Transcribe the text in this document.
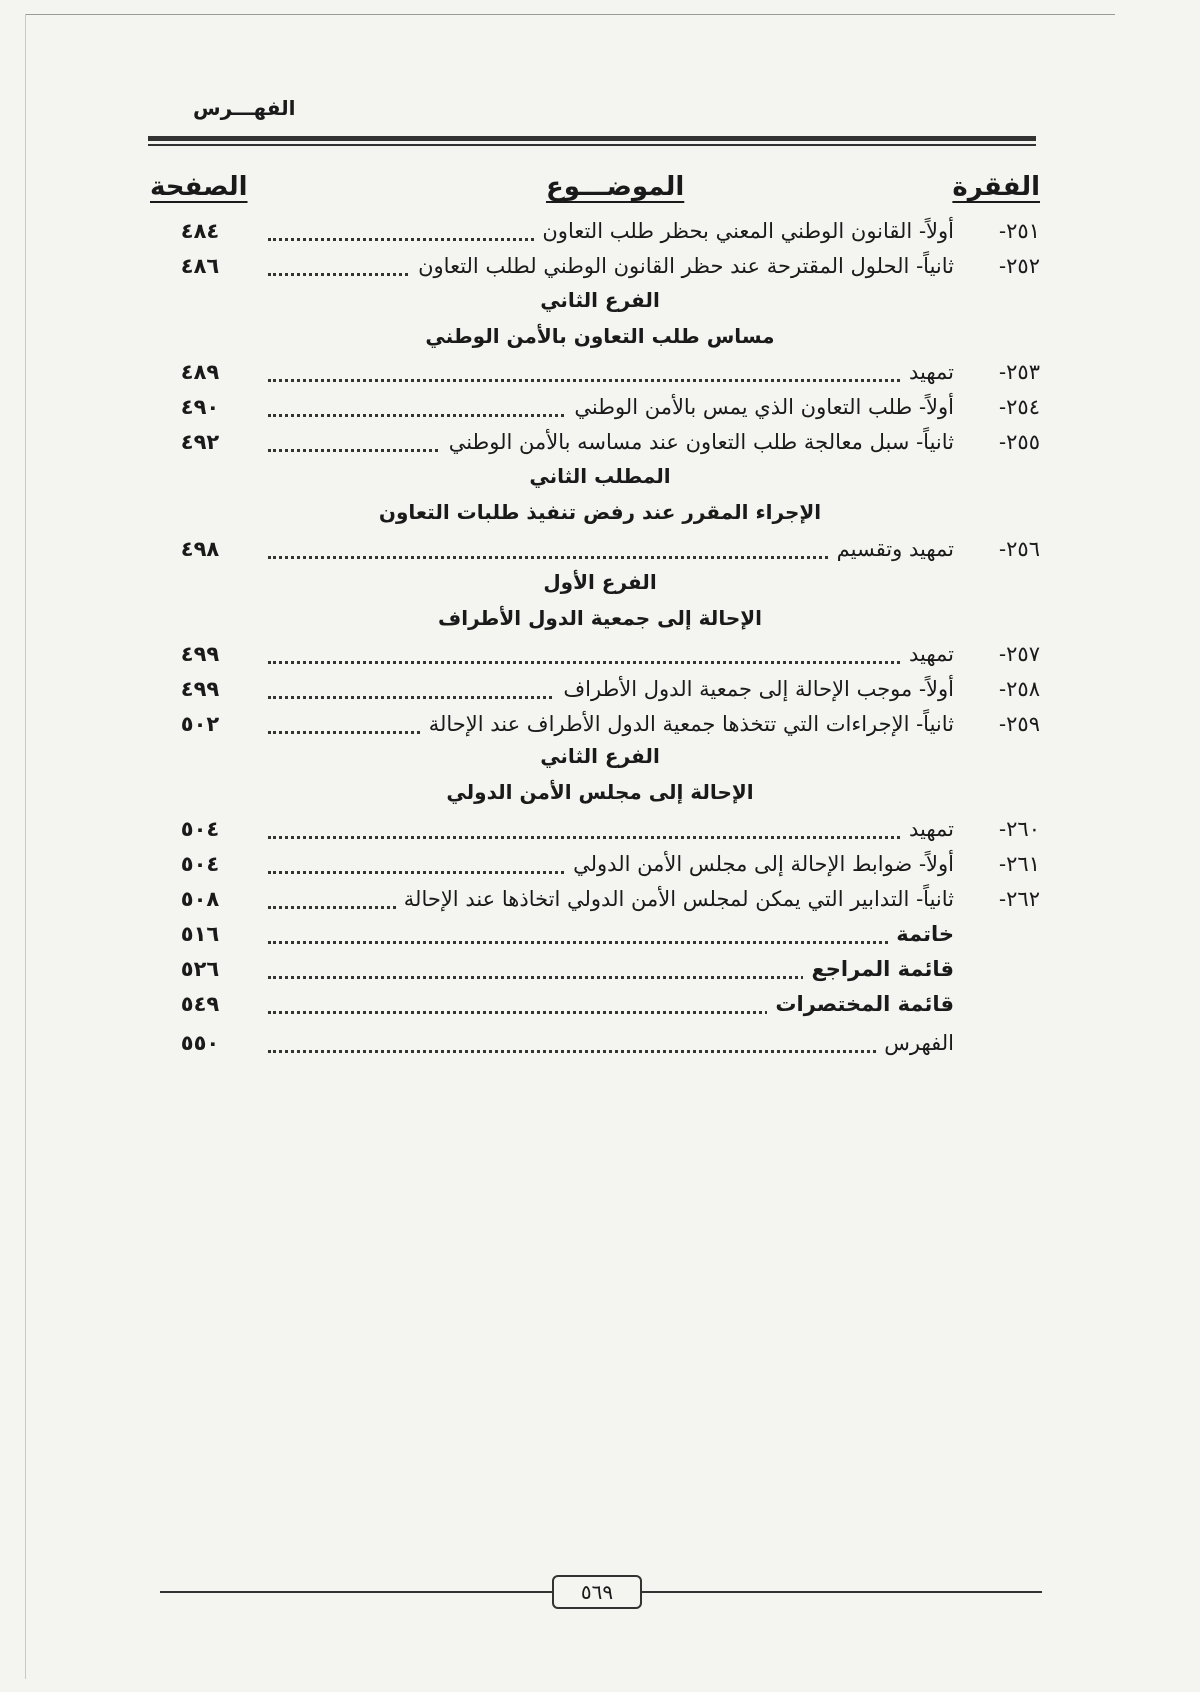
الفهـــرس
الفقرة
الموضـــوع
الصفحة
٢٥١-
أولاً- القانون الوطني المعني بحظر طلب التعاون
٤٨٤
٢٥٢-
ثانياً- الحلول المقترحة عند حظر القانون الوطني لطلب التعاون
٤٨٦
الفرع الثاني
مساس طلب التعاون بالأمن الوطني
٢٥٣-
تمهيد
٤٨٩
٢٥٤-
أولاً- طلب التعاون الذي يمس بالأمن الوطني
٤٩٠
٢٥٥-
ثانياً- سبل معالجة طلب التعاون عند مساسه بالأمن الوطني
٤٩٢
المطلب الثاني
الإجراء المقرر عند رفض تنفيذ طلبات التعاون
٢٥٦-
تمهيد وتقسيم
٤٩٨
الفرع الأول
الإحالة إلى جمعية الدول الأطراف
٢٥٧-
تمهيد
٤٩٩
٢٥٨-
أولاً- موجب الإحالة إلى جمعية الدول الأطراف
٤٩٩
٢٥٩-
ثانياً- الإجراءات التي تتخذها جمعية الدول الأطراف عند الإحالة
٥٠٢
الفرع الثاني
الإحالة إلى مجلس الأمن الدولي
٢٦٠-
تمهيد
٥٠٤
٢٦١-
أولاً- ضوابط الإحالة إلى مجلس الأمن الدولي
٥٠٤
٢٦٢-
ثانياً- التدابير التي يمكن لمجلس الأمن الدولي اتخاذها عند الإحالة
٥٠٨
خاتمة
٥١٦
قائمة المراجع
٥٢٦
قائمة المختصرات
٥٤٩
الفهرس
٥٥٠
٥٦٩
